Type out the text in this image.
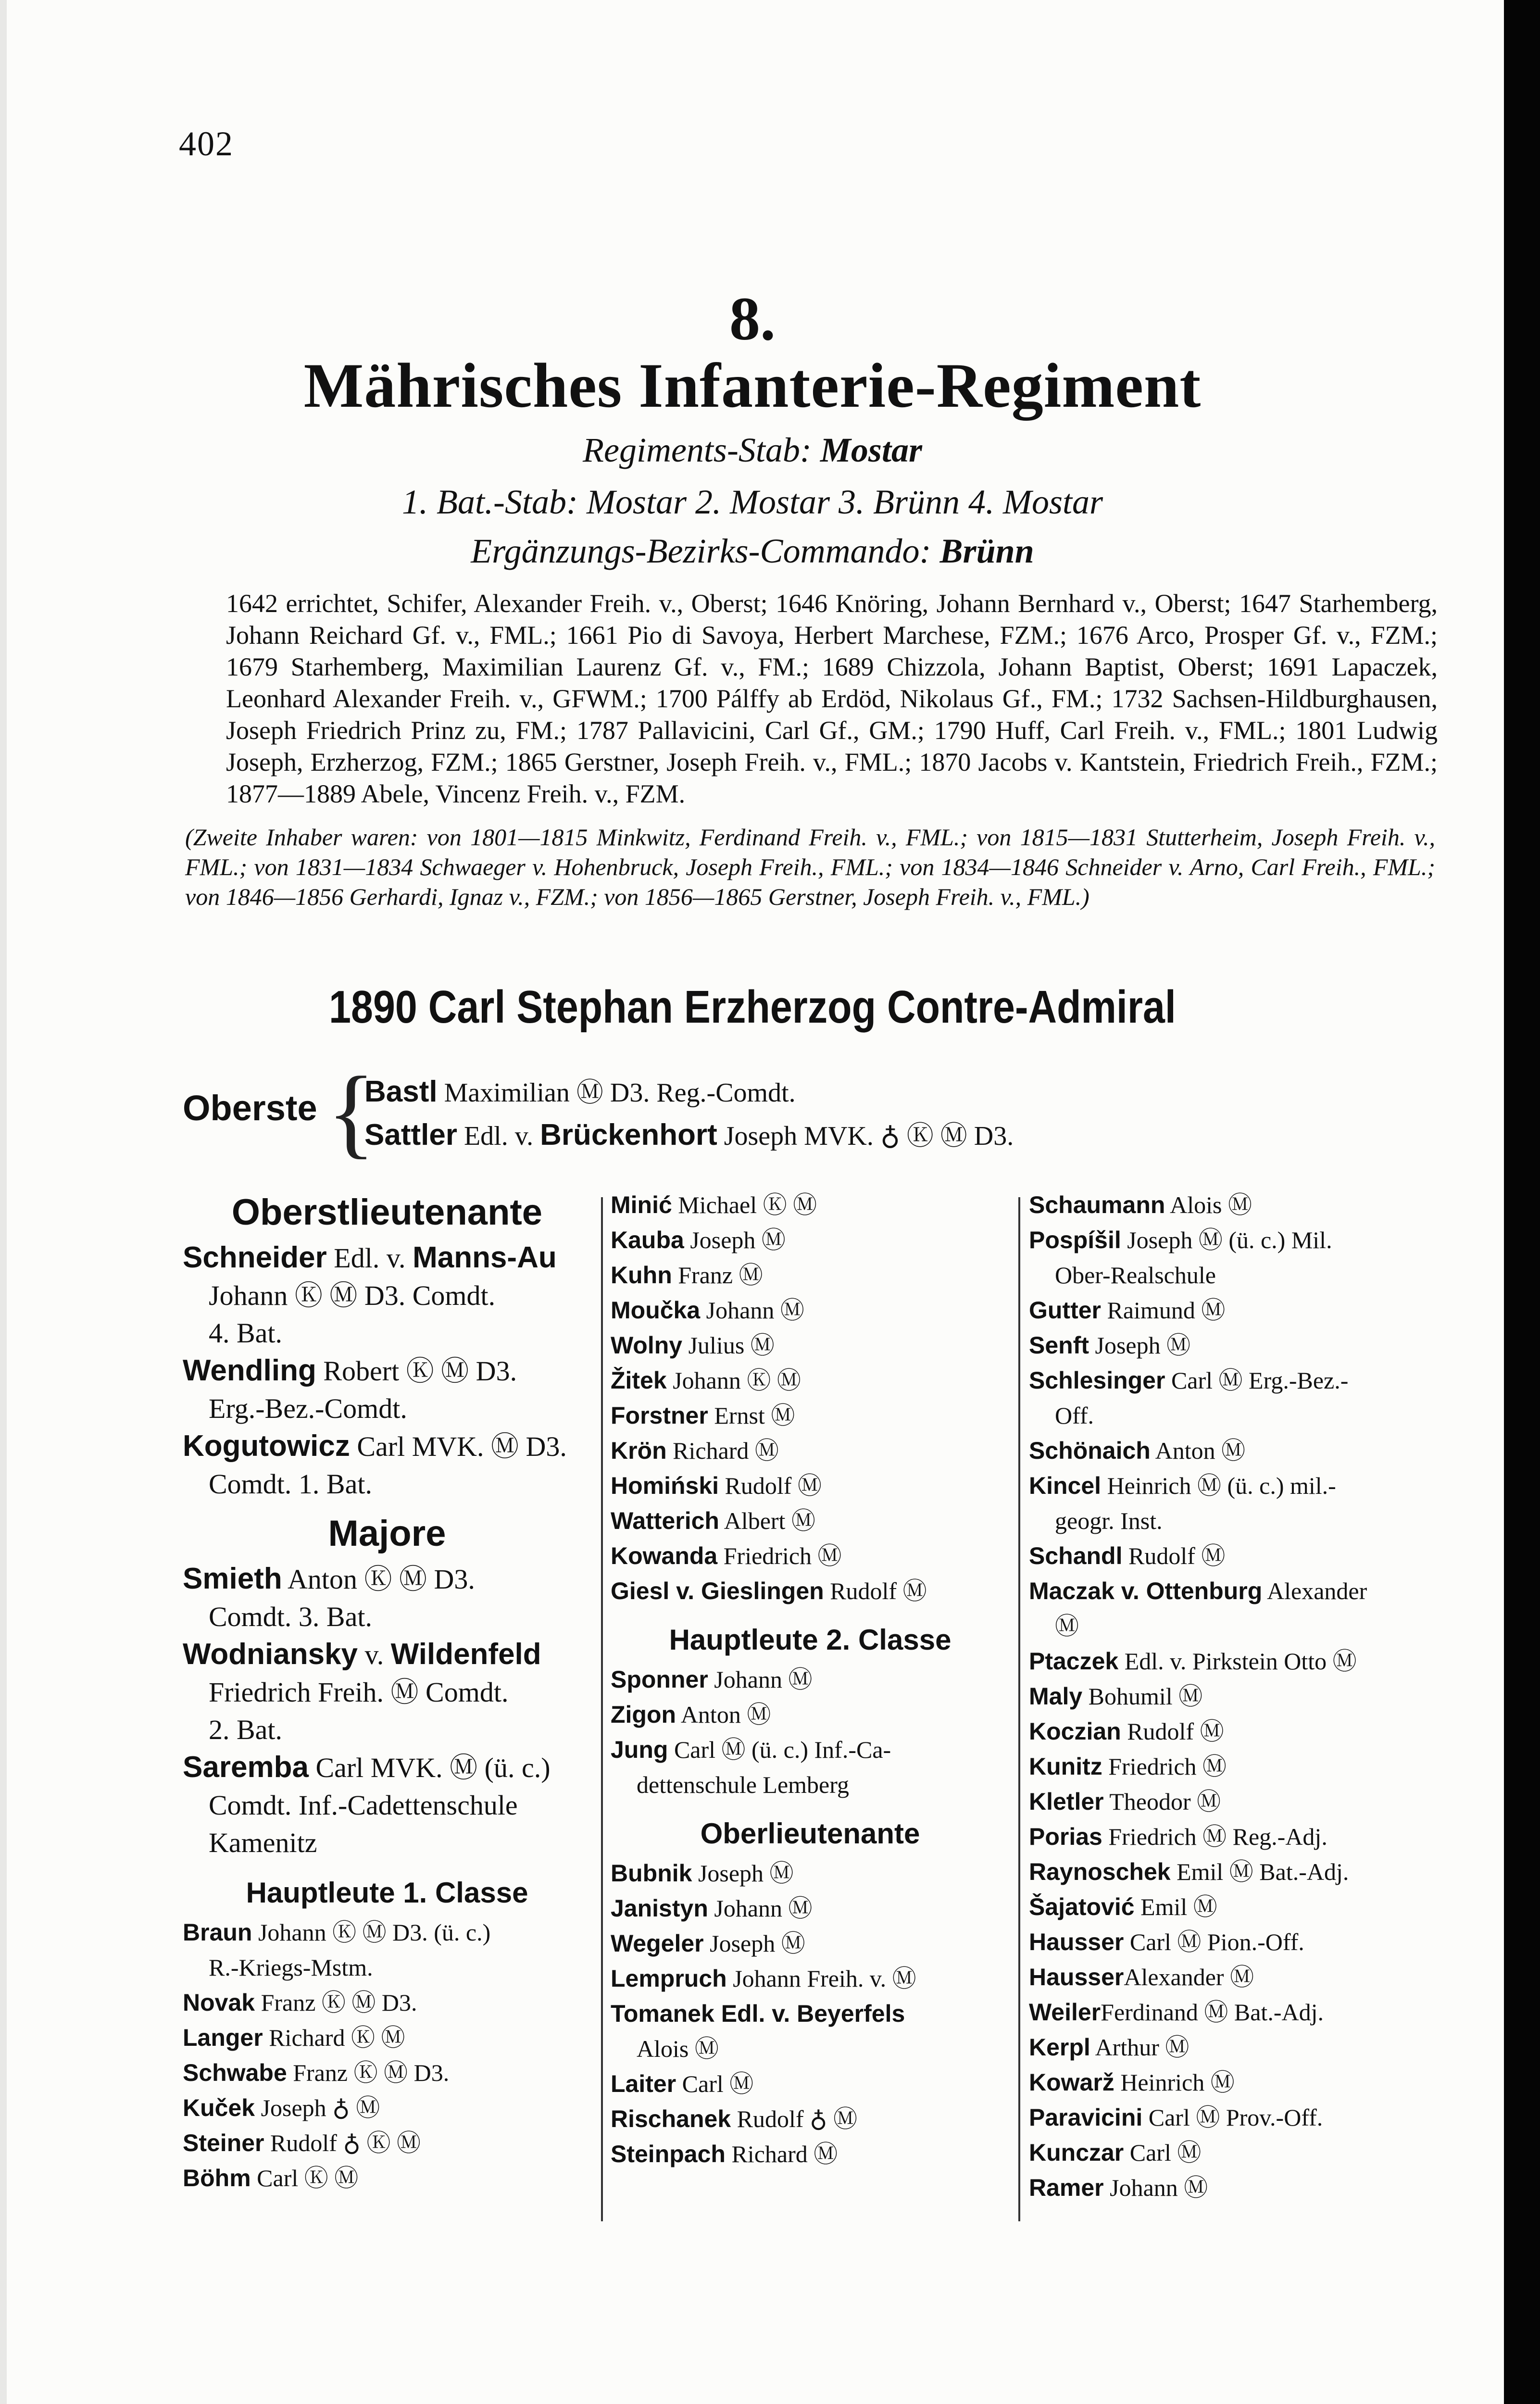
402
8.
Mährisches Infanterie-Regiment
Regiments-Stab: Mostar
1. Bat.-Stab: Mostar 2. Mostar 3. Brünn 4. Mostar
Ergänzungs-Bezirks-Commando: Brünn
1642 errichtet, Schifer, Alexander Freih. v., Oberst; 1646 Knöring, Johann Bernhard v., Oberst; 1647 Starhemberg, Johann Reichard Gf. v., FML.; 1661 Pio di Savoya, Herbert Marchese, FZM.; 1676 Arco, Prosper Gf. v., FZM.; 1679 Starhemberg, Maximilian Laurenz Gf. v., FM.; 1689 Chizzola, Johann Baptist, Oberst; 1691 Lapaczek, Leonhard Alexander Freih. v., GFWM.; 1700 Pálffy ab Erdöd, Nikolaus Gf., FM.; 1732 Sachsen-Hildburghausen, Joseph Friedrich Prinz zu, FM.; 1787 Pallavicini, Carl Gf., GM.; 1790 Huff, Carl Freih. v., FML.; 1801 Ludwig Joseph, Erzherzog, FZM.; 1865 Gerstner, Joseph Freih. v., FML.; 1870 Jacobs v. Kantstein, Friedrich Freih., FZM.; 1877—1889 Abele, Vincenz Freih. v., FZM.
(Zweite Inhaber waren: von 1801—1815 Minkwitz, Ferdinand Freih. v., FML.; von 1815—1831 Stutterheim, Joseph Freih. v., FML.; von 1831—1834 Schwaeger v. Hohenbruck, Joseph Freih., FML.; von 1834—1846 Schneider v. Arno, Carl Freih., FML.; von 1846—1856 Gerhardi, Ignaz v., FZM.; von 1856—1865 Gerstner, Joseph Freih. v., FML.)
1890 Carl Stephan Erzherzog Contre-Admiral
Oberste {
Bastl Maximilian Ⓜ D3. Reg.-Comdt.
Sattler Edl. v. Brückenhort Joseph MVK. ♁ Ⓚ Ⓜ D3.
Oberstlieutenante
Schneider Edl. v. Manns-Au
Johann Ⓚ Ⓜ D3. Comdt.
4. Bat.
Wendling Robert Ⓚ Ⓜ D3.
Erg.-Bez.-Comdt.
Kogutowicz Carl MVK. Ⓜ D3.
Comdt. 1. Bat.
Majore
Smieth Anton Ⓚ Ⓜ D3.
Comdt. 3. Bat.
Wodniansky v. Wildenfeld
Friedrich Freih. Ⓜ Comdt.
2. Bat.
Saremba Carl MVK. Ⓜ (ü. c.)
Comdt. Inf.-Cadettenschule
Kamenitz
Hauptleute 1. Classe
Braun Johann Ⓚ Ⓜ D3. (ü. c.)
R.-Kriegs-Mstm.
Novak Franz Ⓚ Ⓜ D3.
Langer Richard Ⓚ Ⓜ
Schwabe Franz Ⓚ Ⓜ D3.
Kuček Joseph ♁ Ⓜ
Steiner Rudolf ♁ Ⓚ Ⓜ
Böhm Carl Ⓚ Ⓜ
Minić Michael Ⓚ Ⓜ
Kauba Joseph Ⓜ
Kuhn Franz Ⓜ
Moučka Johann Ⓜ
Wolny Julius Ⓜ
Žitek Johann Ⓚ Ⓜ
Forstner Ernst Ⓜ
Krön Richard Ⓜ
Homiński Rudolf Ⓜ
Watterich Albert Ⓜ
Kowanda Friedrich Ⓜ
Giesl v. Gieslingen Rudolf Ⓜ
Hauptleute 2. Classe
Sponner Johann Ⓜ
Zigon Anton Ⓜ
Jung Carl Ⓜ (ü. c.) Inf.-Ca-
dettenschule Lemberg
Oberlieutenante
Bubnik Joseph Ⓜ
Janistyn Johann Ⓜ
Wegeler Joseph Ⓜ
Lempruch Johann Freih. v. Ⓜ
Tomanek Edl. v. Beyerfels
Alois Ⓜ
Laiter Carl Ⓜ
Rischanek Rudolf ♁ Ⓜ
Steinpach Richard Ⓜ
Schaumann Alois Ⓜ
Pospíšil Joseph Ⓜ (ü. c.) Mil.
Ober-Realschule
Gutter Raimund Ⓜ
Senft Joseph Ⓜ
Schlesinger Carl Ⓜ Erg.-Bez.-
Off.
Schönaich Anton Ⓜ
Kincel Heinrich Ⓜ (ü. c.) mil.-
geogr. Inst.
Schandl Rudolf Ⓜ
Maczak v. Ottenburg Alexander
Ⓜ
Ptaczek Edl. v. Pirkstein Otto Ⓜ
Maly Bohumil Ⓜ
Koczian Rudolf Ⓜ
Kunitz Friedrich Ⓜ
Kletler Theodor Ⓜ
Porias Friedrich Ⓜ Reg.-Adj.
Raynoschek Emil Ⓜ Bat.-Adj.
Šajatović Emil Ⓜ
Hausser Carl Ⓜ Pion.-Off.
HausserAlexander Ⓜ
WeilerFerdinand Ⓜ Bat.-Adj.
Kerpl Arthur Ⓜ
Kowarž Heinrich Ⓜ
Paravicini Carl Ⓜ Prov.-Off.
Kunczar Carl Ⓜ
Ramer Johann Ⓜ
